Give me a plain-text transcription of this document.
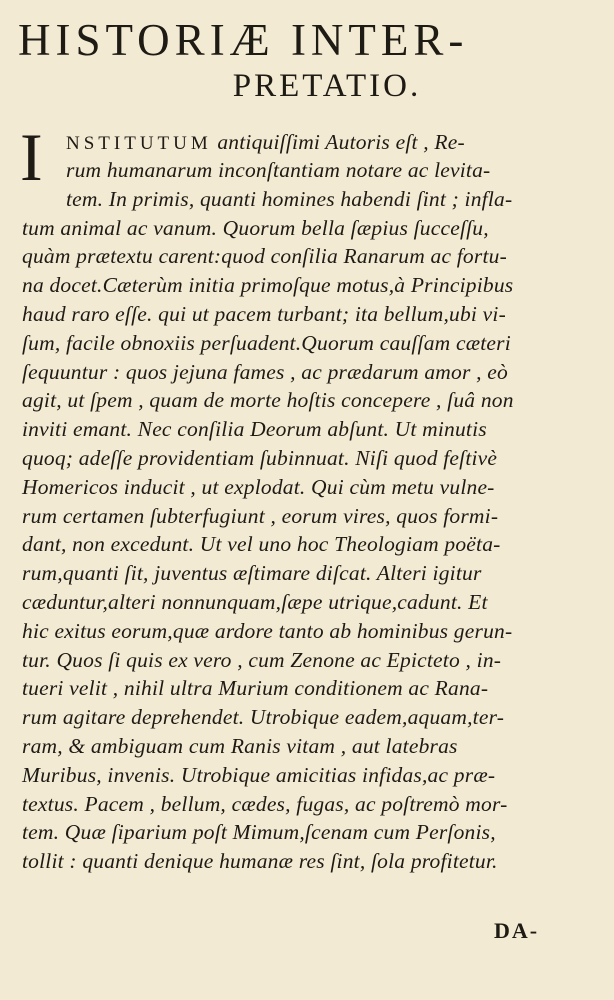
HISTORIÆ INTER-
PRETATIO.
I NSTITUTUM antiquiſſimi Autoris eſt , Re-
rum humanarum inconſtantiam notare ac levita-
tem. In primis, quanti homines habendi ſint ; infla-
tum animal ac vanum. Quorum bella ſæpius ſucceſſu,
quàm prætextu carent:quod conſilia Ranarum ac fortu-
na docet.Cæterùm initia primoſque motus,à Principibus
haud raro eſſe. qui ut pacem turbant; ita bellum,ubi vi-
ſum, facile obnoxiis perſuadent.Quorum cauſſam cæteri
ſequuntur : quos jejuna fames , ac prædarum amor , eò
agit, ut ſpem , quam de morte hoſtis concepere , ſuâ non
inviti emant. Nec conſilia Deorum abſunt. Ut minutis
quoq; adeſſe providentiam ſubinnuat. Niſi quod feſtivè
Homericos inducit , ut explodat. Qui cùm metu vulne-
rum certamen ſubterfugiunt , eorum vires, quos formi-
dant, non excedunt. Ut vel uno hoc Theologiam poëta-
rum,quanti ſit, juventus æſtimare diſcat. Alteri igitur
cæduntur,alteri nonnunquam,ſæpe utrique,cadunt. Et
hic exitus eorum,quæ ardore tanto ab hominibus gerun-
tur. Quos ſi quis ex vero , cum Zenone ac Epicteto , in-
tueri velit , nihil ultra Murium conditionem ac Rana-
rum agitare deprehendet. Utrobique eadem,aquam,ter-
ram, & ambiguam cum Ranis vitam , aut latebras
Muribus, invenis. Utrobique amicitias infidas,ac præ-
textus. Pacem , bellum, cædes, fugas, ac poſtremò mor-
tem. Quæ ſiparium poſt Mimum,ſcenam cum Perſonis,
tollit : quanti denique humanæ res ſint, ſola profitetur.
DA-
